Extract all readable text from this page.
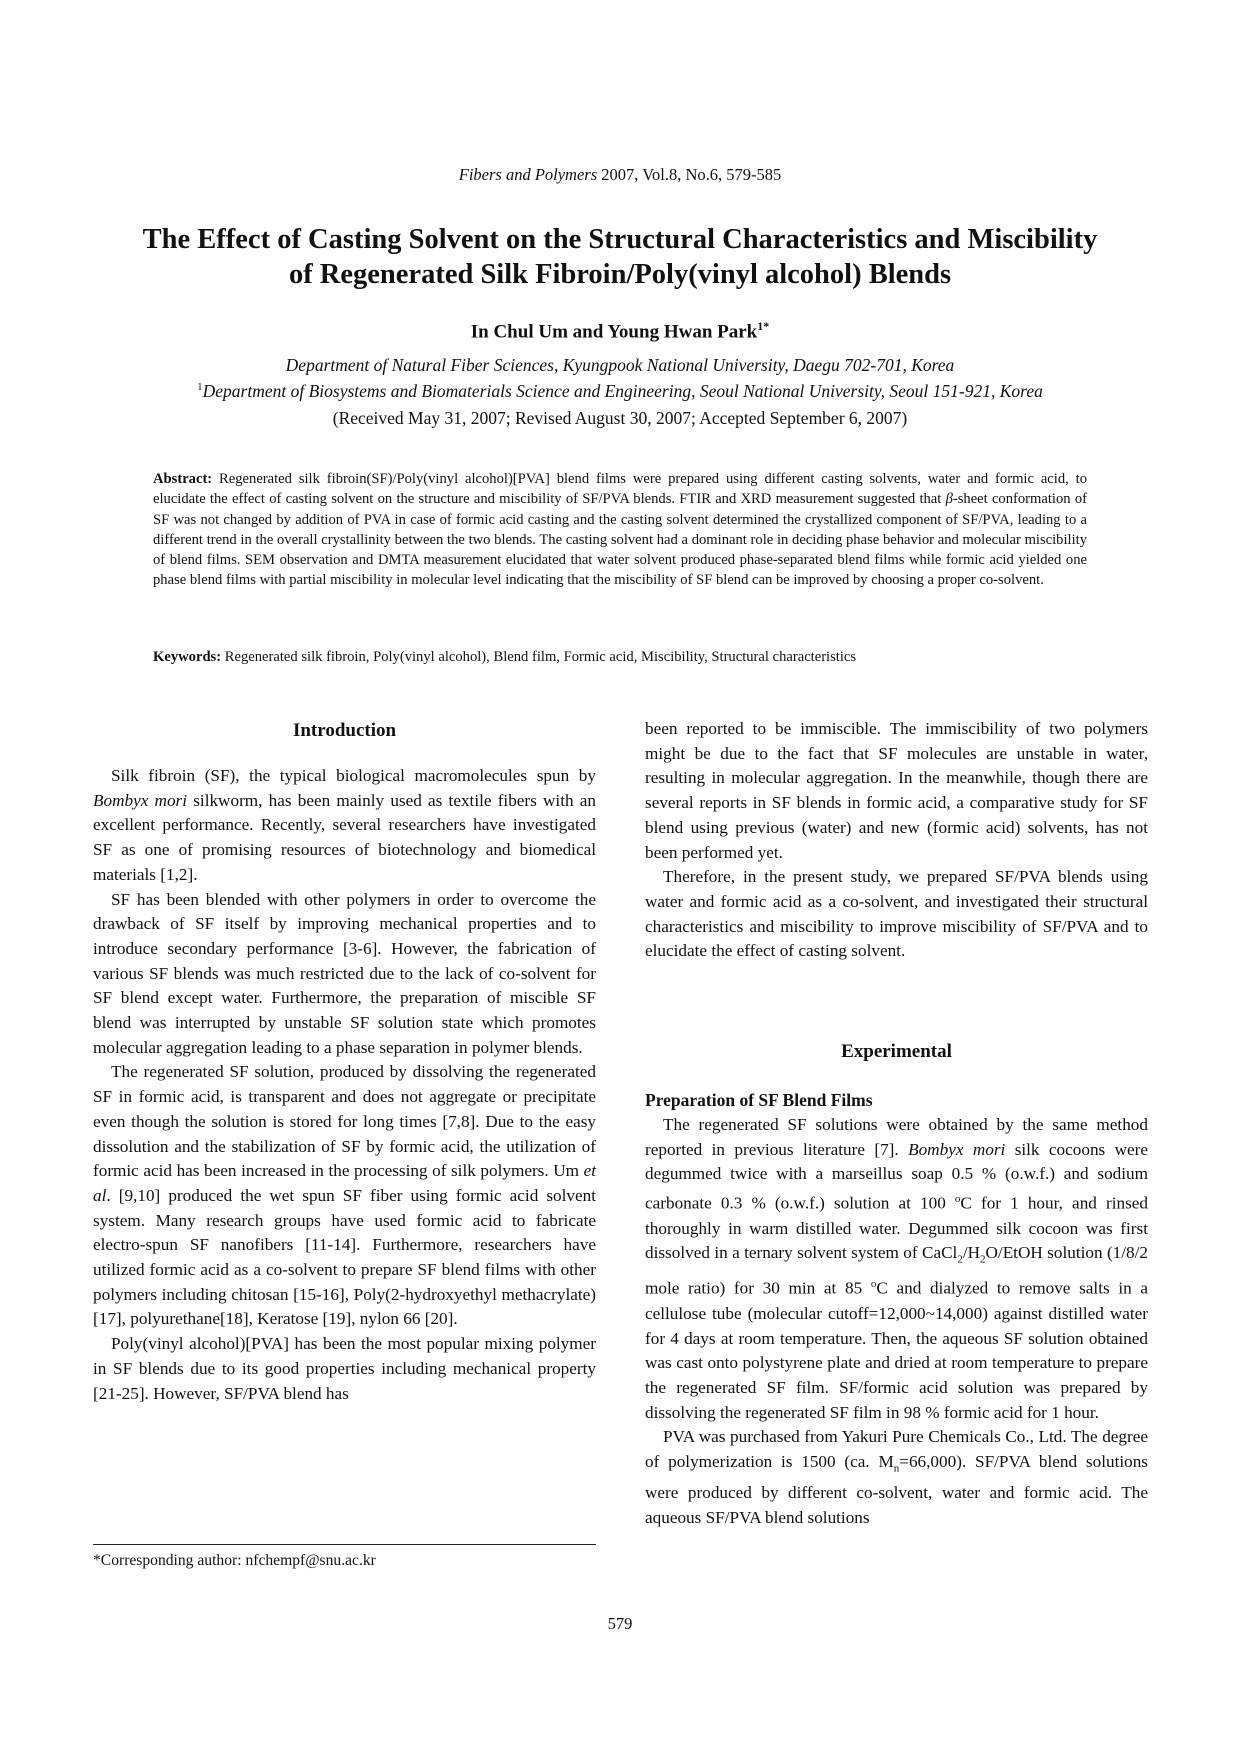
Fibers and Polymers 2007, Vol.8, No.6, 579-585
The Effect of Casting Solvent on the Structural Characteristics and Miscibility
of Regenerated Silk Fibroin/Poly(vinyl alcohol) Blends
In Chul Um and Young Hwan Park$^{1*}$
Department of Natural Fiber Sciences, Kyungpook National University, Daegu 702-701, Korea
$^1$Department of Biosystems and Biomaterials Science and Engineering, Seoul National University, Seoul 151-921, Korea
(Received May 31, 2007; Revised August 30, 2007; Accepted September 6, 2007)
Abstract: Regenerated silk fibroin(SF)/Poly(vinyl alcohol)[PVA] blend films were prepared using different casting solvents, water and formic acid, to elucidate the effect of casting solvent on the structure and miscibility of SF/PVA blends. FTIR and XRD measurement suggested that β-sheet conformation of SF was not changed by addition of PVA in case of formic acid casting and the casting solvent determined the crystallized component of SF/PVA, leading to a different trend in the overall crystallinity between the two blends. The casting solvent had a dominant role in deciding phase behavior and molecular miscibility of blend films. SEM observation and DMTA measurement elucidated that water solvent produced phase-separated blend films while formic acid yielded one phase blend films with partial miscibility in molecular level indicating that the miscibility of SF blend can be improved by choosing a proper co-solvent.
Keywords: Regenerated silk fibroin, Poly(vinyl alcohol), Blend film, Formic acid, Miscibility, Structural characteristics
Introduction

Silk fibroin (SF), the typical biological macromolecules spun by Bombyx mori silkworm, has been mainly used as textile fibers with an excellent performance. Recently, several researchers have investigated SF as one of promising resources of biotechnology and biomedical materials [1,2].

SF has been blended with other polymers in order to overcome the drawback of SF itself by improving mechanical properties and to introduce secondary performance [3-6]. However, the fabrication of various SF blends was much restricted due to the lack of co-solvent for SF blend except water. Furthermore, the preparation of miscible SF blend was interrupted by unstable SF solution state which promotes molecular aggregation leading to a phase separation in polymer blends.

The regenerated SF solution, produced by dissolving the regenerated SF in formic acid, is transparent and does not aggregate or precipitate even though the solution is stored for long times [7,8]. Due to the easy dissolution and the stabilization of SF by formic acid, the utilization of formic acid has been increased in the processing of silk polymers. Um et al. [9,10] produced the wet spun SF fiber using formic acid solvent system. Many research groups have used formic acid to fabricate electro-spun SF nanofibers [11-14]. Furthermore, researchers have utilized formic acid as a co-solvent to prepare SF blend films with other polymers including chitosan [15-16], Poly(2-hydroxyethyl methacrylate)[17], polyurethane[18], Keratose [19], nylon 66 [20].

Poly(vinyl alcohol)[PVA] has been the most popular mixing polymer in SF blends due to its good properties including mechanical property [21-25]. However, SF/PVA blend has

*Corresponding author: nfchempf@snu.ac.kr

been reported to be immiscible. The immiscibility of two polymers might be due to the fact that SF molecules are unstable in water, resulting in molecular aggregation. In the meanwhile, though there are several reports in SF blends in formic acid, a comparative study for SF blend using previous (water) and new (formic acid) solvents, has not been performed yet.

Therefore, in the present study, we prepared SF/PVA blends using water and formic acid as a co-solvent, and investigated their structural characteristics and miscibility to improve miscibility of SF/PVA and to elucidate the effect of casting solvent.

Experimental
Preparation of SF Blend Films

The regenerated SF solutions were obtained by the same method reported in previous literature [7]. Bombyx mori silk cocoons were degummed twice with a marseillus soap 0.5 % (o.w.f.) and sodium carbonate 0.3 % (o.w.f.) solution at 100 $^o$C for 1 hour, and rinsed thoroughly in warm distilled water. Degummed silk cocoon was first dissolved in a ternary solvent system of $CaCl_2/H_2O$/EtOH solution (1/8/2 mole ratio) for 30 min at 85 $^o$C and dialyzed to remove salts in a cellulose tube (molecular cutoff=12,000~14,000) against distilled water for 4 days at room temperature. Then, the aqueous SF solution obtained was cast onto polystyrene plate and dried at room temperature to prepare the regenerated SF film. SF/formic acid solution was prepared by dissolving the regenerated SF film in 98 % formic acid for 1 hour.

PVA was purchased from Yakuri Pure Chemicals Co., Ltd. The degree of polymerization is 1500 (ca. $M_n=66,000$). SF/PVA blend solutions were produced by different co-solvent, water and formic acid. The aqueous SF/PVA blend solutions

579
